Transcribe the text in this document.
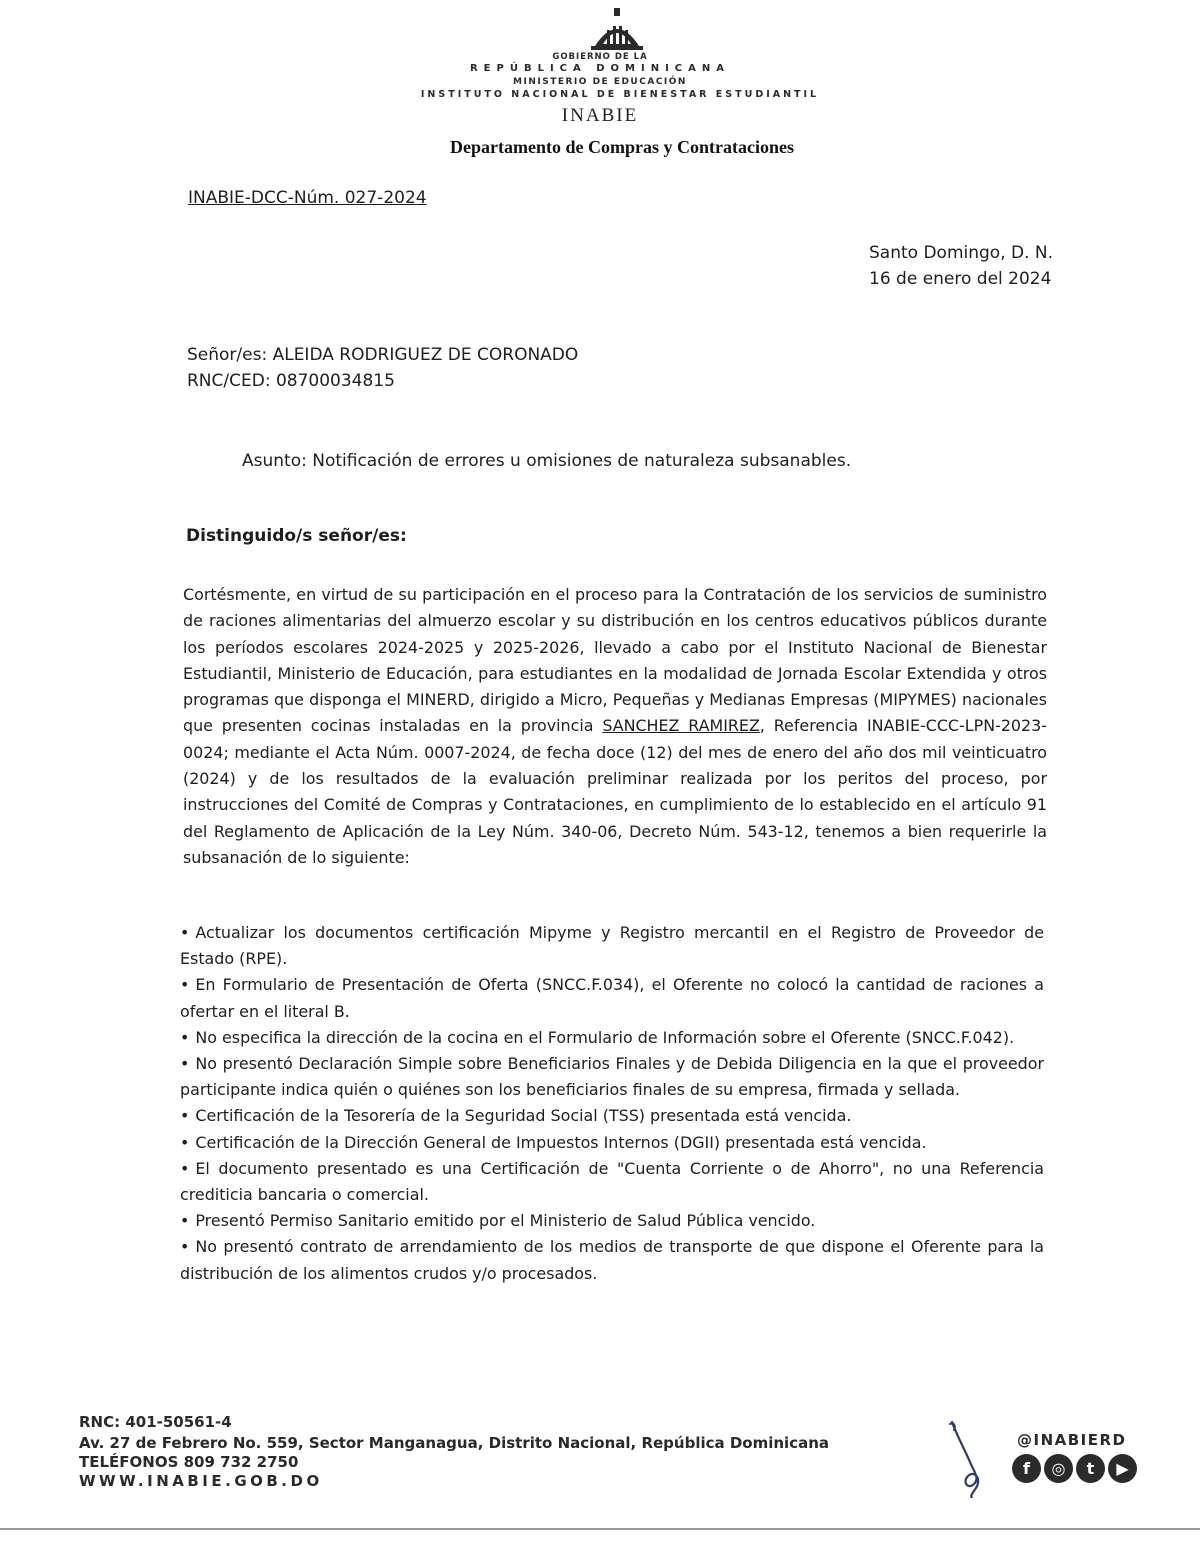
GOBIERNO DE LA
REPÚBLICA DOMINICANA
MINISTERIO DE EDUCACIÓN
INSTITUTO NACIONAL DE BIENESTAR ESTUDIANTIL
INABIE
Departamento de Compras y Contrataciones
INABIE-DCC-Núm. 027-2024
Santo Domingo, D. N.
16 de enero del 2024
Señor/es: ALEIDA RODRIGUEZ DE CORONADO
RNC/CED: 08700034815
Asunto: Notificación de errores u omisiones de naturaleza subsanables.
Distinguido/s señor/es:
Cortésmente, en virtud de su participación en el proceso para la Contratación de los servicios de suministro de raciones alimentarias del almuerzo escolar y su distribución en los centros educativos públicos durante los períodos escolares 2024-2025 y 2025-2026, llevado a cabo por el Instituto Nacional de Bienestar Estudiantil, Ministerio de Educación, para estudiantes en la modalidad de Jornada Escolar Extendida y otros programas que disponga el MINERD, dirigido a Micro, Pequeñas y Medianas Empresas (MIPYMES) nacionales que presenten cocinas instaladas en la provincia SANCHEZ RAMIREZ, Referencia INABIE-CCC-LPN-2023-0024; mediante el Acta Núm. 0007-2024, de fecha doce (12) del mes de enero del año dos mil veinticuatro (2024) y de los resultados de la evaluación preliminar realizada por los peritos del proceso, por instrucciones del Comité de Compras y Contrataciones, en cumplimiento de lo establecido en el artículo 91 del Reglamento de Aplicación de la Ley Núm. 340-06, Decreto Núm. 543-12, tenemos a bien requerirle la subsanación de lo siguiente:
• Actualizar los documentos certificación Mipyme y Registro mercantil en el Registro de Proveedor de Estado (RPE).
• En Formulario de Presentación de Oferta (SNCC.F.034), el Oferente no colocó la cantidad de raciones a ofertar en el literal B.
• No especifica la dirección de la cocina en el Formulario de Información sobre el Oferente (SNCC.F.042).
• No presentó Declaración Simple sobre Beneficiarios Finales y de Debida Diligencia en la que el proveedor participante indica quién o quiénes son los beneficiarios finales de su empresa, firmada y sellada.
• Certificación de la Tesorería de la Seguridad Social (TSS) presentada está vencida.
• Certificación de la Dirección General de Impuestos Internos (DGII) presentada está vencida.
• El documento presentado es una Certificación de "Cuenta Corriente o de Ahorro", no una Referencia crediticia bancaria o comercial.
• Presentó Permiso Sanitario emitido por el Ministerio de Salud Pública vencido.
• No presentó contrato de arrendamiento de los medios de transporte de que dispone el Oferente para la distribución de los alimentos crudos y/o procesados.
RNC: 401-50561-4
Av. 27 de Febrero No. 559, Sector Manganagua, Distrito Nacional, República Dominicana
TELÉFONOS 809 732 2750
WWW.INABIE.GOB.DO
@INABIERD
f	◎	t	▶
